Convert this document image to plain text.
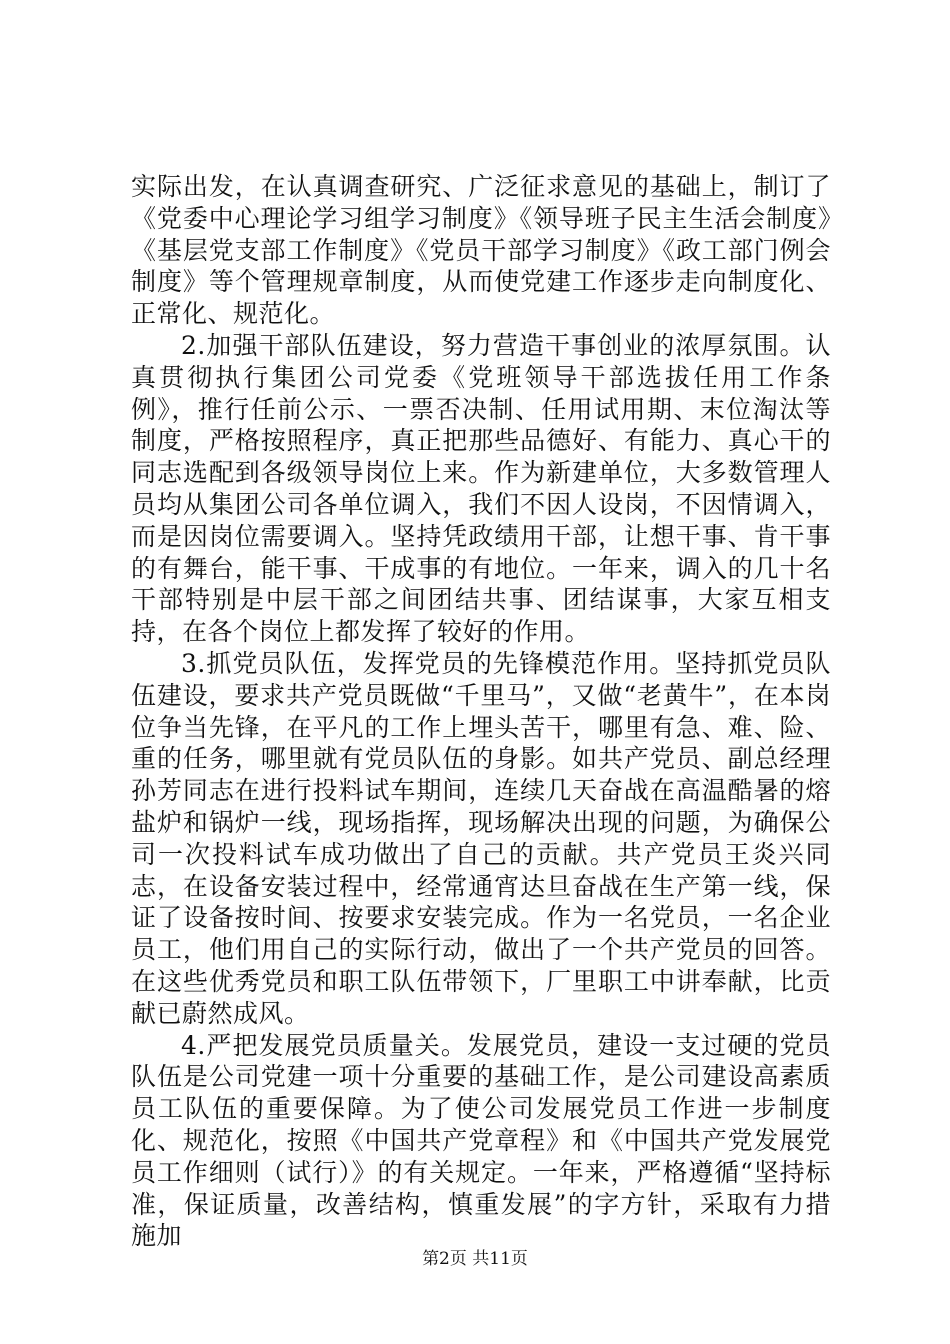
实际出发，在认真调查研究、广泛征求意见的基础上，制订了《党委中心理论学习组学习制度》《领导班子民主生活会制度》《基层党支部工作制度》《党员干部学习制度》《政工部门例会制度》等个管理规章制度，从而使党建工作逐步走向制度化、正常化、规范化。

2.加强干部队伍建设，努力营造干事创业的浓厚氛围。认真贯彻执行集团公司党委《党班领导干部选拔任用工作条例》，推行任前公示、一票否决制、任用试用期、末位淘汰等制度，严格按照程序，真正把那些品德好、有能力、真心干的同志选配到各级领导岗位上来。作为新建单位，大多数管理人员均从集团公司各单位调入，我们不因人设岗，不因情调入，而是因岗位需要调入。坚持凭政绩用干部，让想干事、肯干事的有舞台，能干事、干成事的有地位。一年来，调入的几十名干部特别是中层干部之间团结共事、团结谋事，大家互相支持，在各个岗位上都发挥了较好的作用。

3.抓党员队伍，发挥党员的先锋模范作用。坚持抓党员队伍建设，要求共产党员既做“千里马”，又做“老黄牛”，在本岗位争当先锋，在平凡的工作上埋头苦干，哪里有急、难、险、重的任务，哪里就有党员队伍的身影。如共产党员、副总经理孙芳同志在进行投料试车期间，连续几天奋战在高温酷暑的熔盐炉和锅炉一线，现场指挥，现场解决出现的问题，为确保公司一次投料试车成功做出了自己的贡献。共产党员王炎兴同志，在设备安装过程中，经常通宵达旦奋战在生产第一线，保证了设备按时间、按要求安装完成。作为一名党员，一名企业员工，他们用自己的实际行动，做出了一个共产党员的回答。在这些优秀党员和职工队伍带领下，厂里职工中讲奉献，比贡献已蔚然成风。

4.严把发展党员质量关。发展党员，建设一支过硬的党员队伍是公司党建一项十分重要的基础工作，是公司建设高素质员工队伍的重要保障。为了使公司发展党员工作进一步制度化、规范化，按照《中国共产党章程》和《中国共产党发展党员工作细则（试行）》的有关规定。一年来，严格遵循“坚持标准，保证质量，改善结构，慎重发展”的字方针，采取有力措施加

第2页 共11页
